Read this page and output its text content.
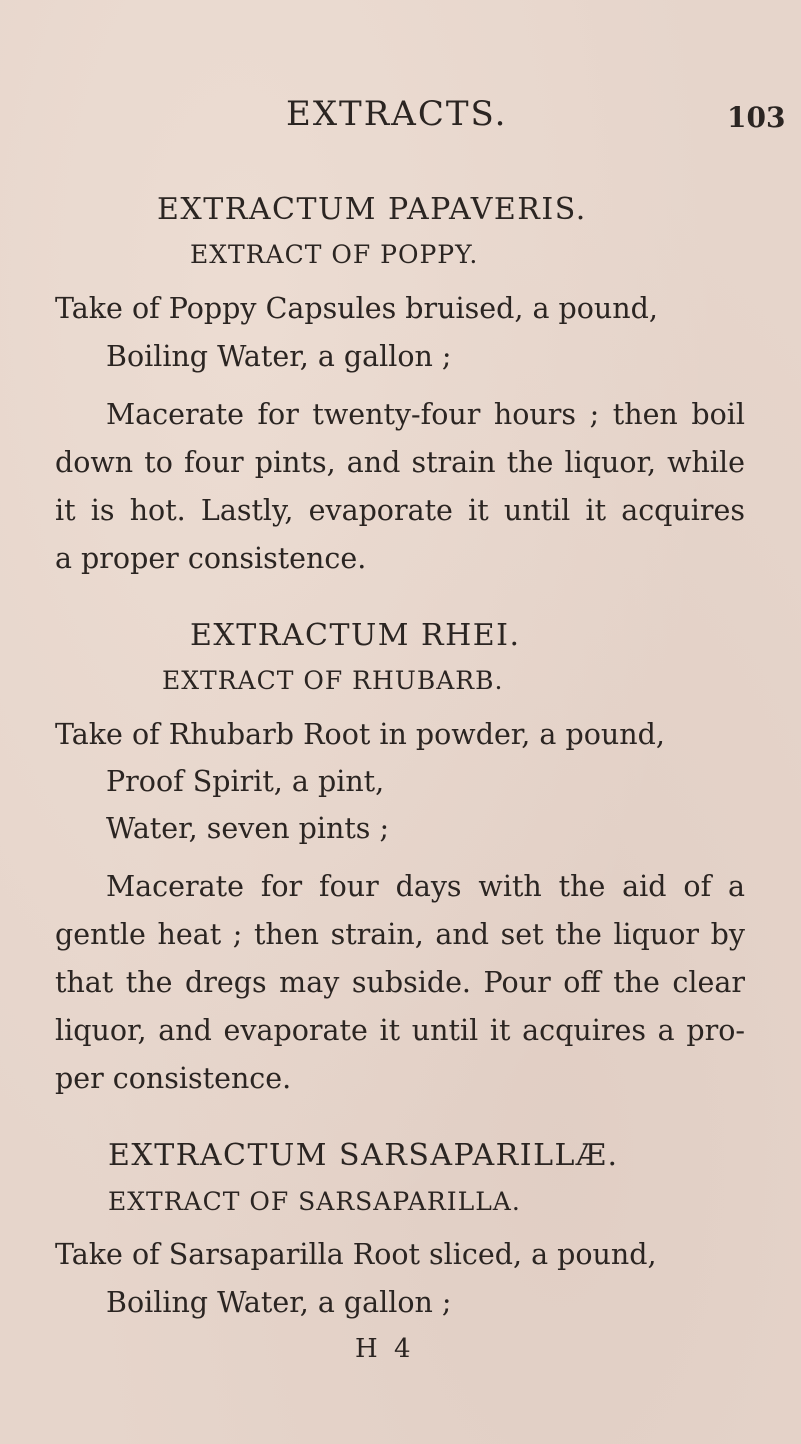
EXTRACTS.	103
EXTRACTUM PAPAVERIS.
EXTRACT OF POPPY.
Take of Poppy Capsules bruised, a pound,
Boiling Water, a gallon ;
Macerate for twenty-four hours ; then boil
down to four pints, and strain the liquor, while
it is hot. Lastly, evaporate it until it acquires
a proper consistence.
EXTRACTUM RHEI.
EXTRACT OF RHUBARB.
Take of Rhubarb Root in powder, a pound,
Proof Spirit, a pint,
Water, seven pints ;
Macerate for four days with the aid of a
gentle heat ; then strain, and set the liquor by
that the dregs may subside. Pour off the clear
liquor, and evaporate it until it acquires a pro-
per consistence.
EXTRACTUM SARSAPARILLÆ.
EXTRACT OF SARSAPARILLA.
Take of Sarsaparilla Root sliced, a pound,
Boiling Water, a gallon ;
H 4
